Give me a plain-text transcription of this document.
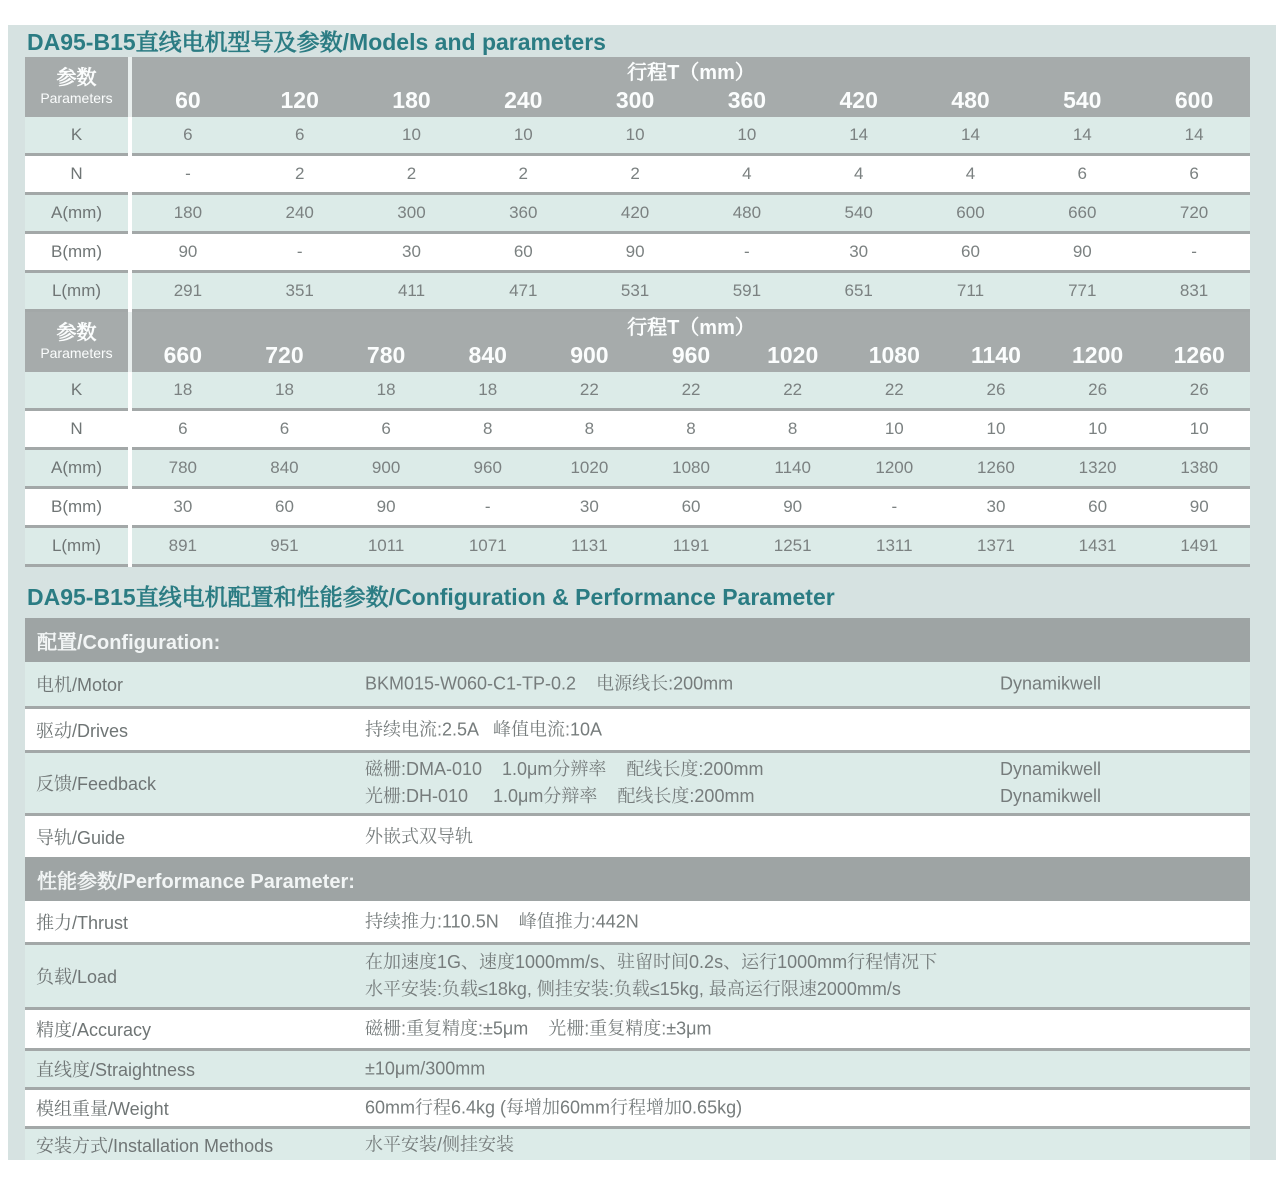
DA95-B15直线电机型号及参数/Models and parameters
参数
Parameters
行程T（mm）
60	120	180	240	300	360	420	480	540	600
K	6	6	10	10	10	10	14	14	14	14
N	-	2	2	2	2	4	4	4	6	6
A(mm)	180	240	300	360	420	480	540	600	660	720
B(mm)	90	-	30	60	90	-	30	60	90	-
L(mm)	291	351	411	471	531	591	651	711	771	831
参数
Parameters
行程T（mm）
660	720	780	840	900	960	1020	1080	1140	1200	1260
K	18	18	18	18	22	22	22	22	26	26	26
N	6	6	6	8	8	8	8	10	10	10	10
A(mm)	780	840	900	960	1020	1080	1140	1200	1260	1320	1380
B(mm)	30	60	90	-	30	60	90	-	30	60	90
L(mm)	891	951	1011	1071	1131	1191	1251	1311	1371	1431	1491
DA95-B15直线电机配置和性能参数/Configuration & Performance Parameter
配置/Configuration:
电机/Motor	BKM015-W060-C1-TP-0.2    电源线长:200mm	Dynamikwell
驱动/Drives	持续电流:2.5A   峰值电流:10A
反馈/Feedback
磁栅:DMA-010    1.0μm分辨率    配线长度:200mm	Dynamikwell
光栅:DH-010     1.0μm分辩率    配线长度:200mm	Dynamikwell
导轨/Guide	外嵌式双导轨
性能参数/Performance Parameter:
推力/Thrust	持续推力:110.5N    峰值推力:442N
负载/Load
在加速度1G、速度1000mm/s、驻留时间0.2s、运行1000mm行程情况下
水平安装:负载≤18kg, 侧挂安装:负载≤15kg, 最高运行限速2000mm/s
精度/Accuracy	磁栅:重复精度:±5μm    光栅:重复精度:±3μm
直线度/Straightness	±10μm/300mm
模组重量/Weight	60mm行程6.4kg (每增加60mm行程增加0.65kg)
安装方式/Installation Methods	水平安装/侧挂安装
